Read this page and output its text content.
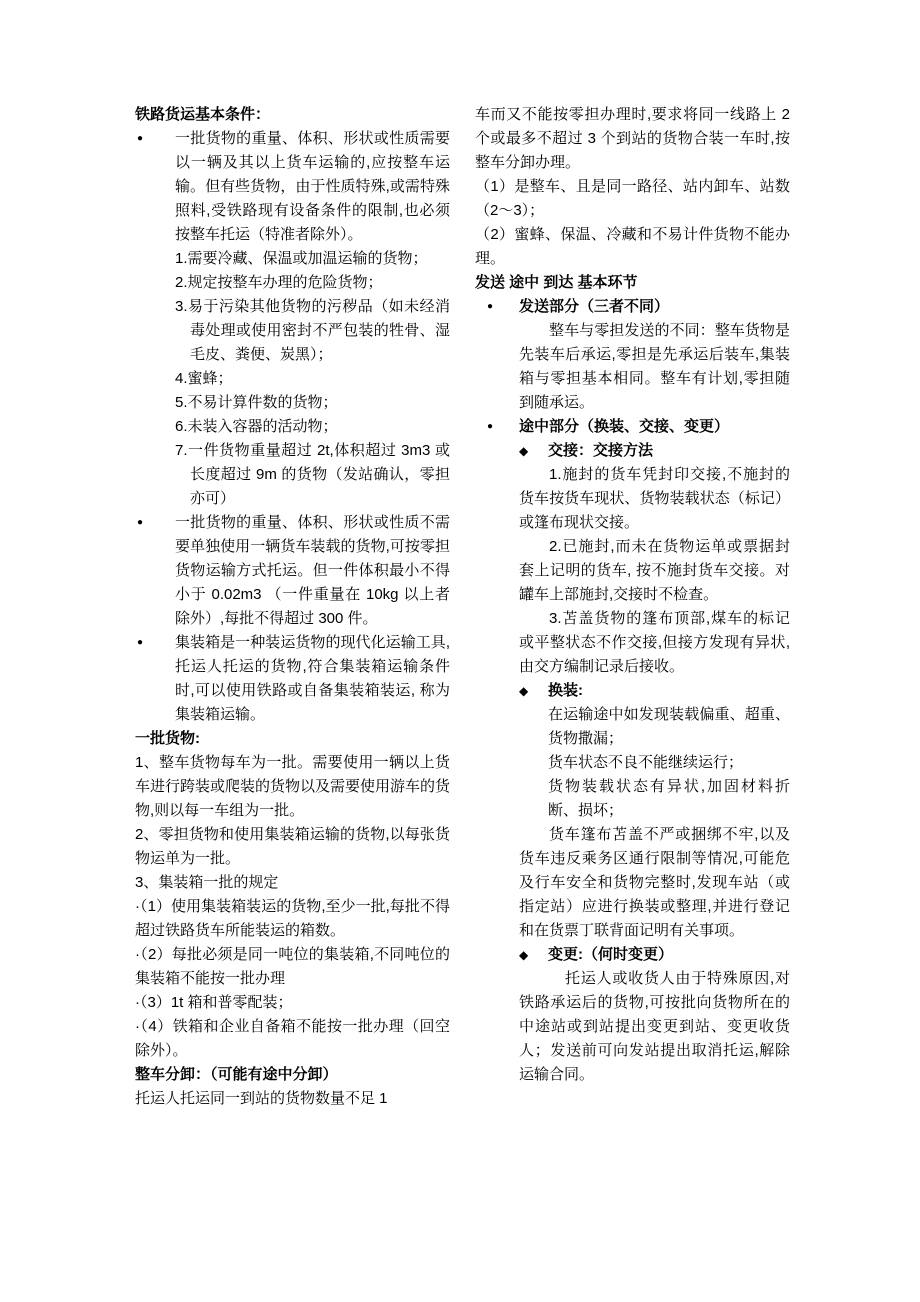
铁路货运基本条件：
●	一批货物的重量、体积、形状或性质需要以一辆及其以上货车运输的,应按整车运输。但有些货物，由于性质特殊,或需特殊照料,受铁路现有设备条件的限制,也必须按整车托运（特准者除外）。
1.需要冷藏、保温或加温运输的货物；
2.规定按整车办理的危险货物；
3.易于污染其他货物的污秽品（如未经消毒处理或使用密封不严包装的牲骨、湿毛皮、粪便、炭黑）；
4.蜜蜂；
5.不易计算件数的货物；
6.未装入容器的活动物；
7.一件货物重量超过 2t,体积超过 3m3 或长度超过 9m 的货物（发站确认，零担亦可）
●	一批货物的重量、体积、形状或性质不需要单独使用一辆货车装载的货物,可按零担货物运输方式托运。但一件体积最小不得小于 0.02m3 （一件重量在 10kg 以上者除外）,每批不得超过 300 件。
●	集装箱是一种装运货物的现代化运输工具,托运人托运的货物,符合集装箱运输条件时,可以使用铁路或自备集装箱装运, 称为集装箱运输。
一批货物:
1、整车货物每车为一批。需要使用一辆以上货车进行跨装或爬装的货物以及需要使用游车的货物,则以每一车组为一批。
2、零担货物和使用集装箱运输的货物,以每张货物运单为一批。
3、集装箱一批的规定
·（1）使用集装箱装运的货物,至少一批,每批不得超过铁路货车所能装运的箱数。
·（2）每批必须是同一吨位的集装箱,不同吨位的集装箱不能按一批办理
·（3）1t 箱和普零配装；
·（4）铁箱和企业自备箱不能按一批办理（回空除外）。
整车分卸：（可能有途中分卸）
托运人托运同一到站的货物数量不足 1
车而又不能按零担办理时,要求将同一线路上 2 个或最多不超过 3 个到站的货物合装一车时,按整车分卸办理。
（1）是整车、且是同一路径、站内卸车、站数（2～3）；
（2）蜜蜂、保温、冷藏和不易计件货物不能办理。
发送 途中 到达 基本环节
●	发送部分（三者不同）
整车与零担发送的不同：整车货物是先装车后承运,零担是先承运后装车,集装箱与零担基本相同。整车有计划,零担随到随承运。
●	途中部分（换装、交接、变更）
◆	交接：交接方法
1.施封的货车凭封印交接,不施封的货车按货车现状、货物装载状态（标记）或篷布现状交接。
2.已施封,而未在货物运单或票据封套上记明的货车, 按不施封货车交接。对罐车上部施封,交接时不检查。
3.苫盖货物的篷布顶部,煤车的标记或平整状态不作交接,但接方发现有异状,由交方编制记录后接收。
◆	换装:
在运输途中如发现装载偏重、超重、货物撒漏；
货车状态不良不能继续运行；
货物装载状态有异状,加固材料折断、损坏；
货车篷布苫盖不严或捆绑不牢,以及货车违反乘务区通行限制等情况,可能危及行车安全和货物完整时,发现车站（或指定站）应进行换装或整理,并进行登记和在货票丁联背面记明有关事项。
◆	变更:（何时变更）
托运人或收货人由于特殊原因,对铁路承运后的货物,可按批向货物所在的中途站或到站提出变更到站、变更收货人；发送前可向发站提出取消托运,解除运输合同。
